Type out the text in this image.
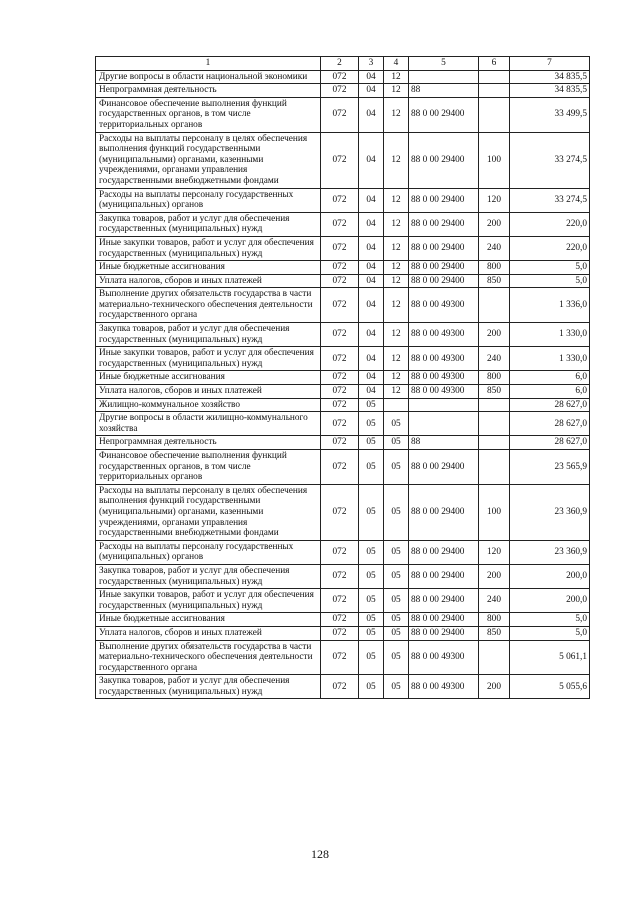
1	2	3	4	5	6	7
Другие вопросы в области национальной экономики	072	04	12			34 835,5
Непрограммная деятельность	072	04	12	88		34 835,5
Финансовое обеспечение выполнения функций государственных органов, в том числе территориальных органов	072	04	12	88 0 00 29400		33 499,5
Расходы на выплаты персоналу в целях обеспечения выполнения функций государственными (муниципальными) органами, казенными учреждениями, органами управления государственными внебюджетными фондами	072	04	12	88 0 00 29400	100	33 274,5
Расходы на выплаты персоналу государственных (муниципальных) органов	072	04	12	88 0 00 29400	120	33 274,5
Закупка товаров, работ и услуг для обеспечения государственных (муниципальных) нужд	072	04	12	88 0 00 29400	200	220,0
Иные закупки товаров, работ и услуг для обеспечения государственных (муниципальных) нужд	072	04	12	88 0 00 29400	240	220,0
Иные бюджетные ассигнования	072	04	12	88 0 00 29400	800	5,0
Уплата налогов, сборов и иных платежей	072	04	12	88 0 00 29400	850	5,0
Выполнение других обязательств государства в части материально-технического обеспечения деятельности государственного органа	072	04	12	88 0 00 49300		1 336,0
Закупка товаров, работ и услуг для обеспечения государственных (муниципальных) нужд	072	04	12	88 0 00 49300	200	1 330,0
Иные закупки товаров, работ и услуг для обеспечения государственных (муниципальных) нужд	072	04	12	88 0 00 49300	240	1 330,0
Иные бюджетные ассигнования	072	04	12	88 0 00 49300	800	6,0
Уплата налогов, сборов и иных платежей	072	04	12	88 0 00 49300	850	6,0
Жилищно-коммунальное хозяйство	072	05				28 627,0
Другие вопросы в области жилищно-коммунального хозяйства	072	05	05			28 627,0
Непрограммная деятельность	072	05	05	88		28 627,0
Финансовое обеспечение выполнения функций государственных органов, в том числе территориальных органов	072	05	05	88 0 00 29400		23 565,9
Расходы на выплаты персоналу в целях обеспечения выполнения функций государственными (муниципальными) органами, казенными учреждениями, органами управления государственными внебюджетными фондами	072	05	05	88 0 00 29400	100	23 360,9
Расходы на выплаты персоналу государственных (муниципальных) органов	072	05	05	88 0 00 29400	120	23 360,9
Закупка товаров, работ и услуг для обеспечения государственных (муниципальных) нужд	072	05	05	88 0 00 29400	200	200,0
Иные закупки товаров, работ и услуг для обеспечения государственных (муниципальных) нужд	072	05	05	88 0 00 29400	240	200,0
Иные бюджетные ассигнования	072	05	05	88 0 00 29400	800	5,0
Уплата налогов, сборов и иных платежей	072	05	05	88 0 00 29400	850	5,0
Выполнение других обязательств государства в части материально-технического обеспечения деятельности государственного органа	072	05	05	88 0 00 49300		5 061,1
Закупка товаров, работ и услуг для обеспечения государственных (муниципальных) нужд	072	05	05	88 0 00 49300	200	5 055,6
128
